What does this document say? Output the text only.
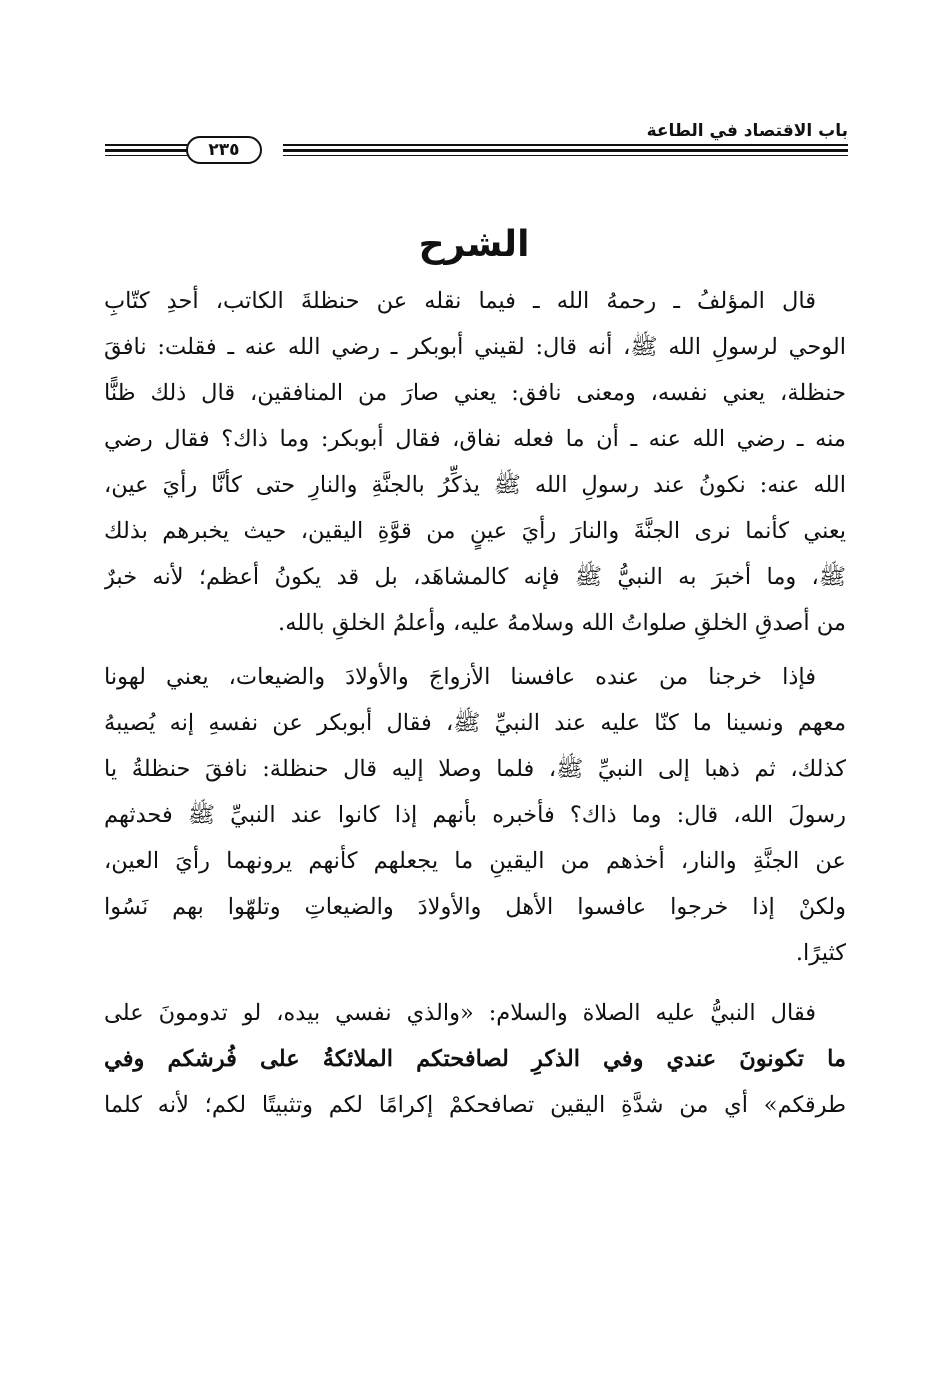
باب الاقتصاد في الطاعة
٢٣٥
الشرح
قال المؤلفُ ـ رحمهُ الله ـ فيما نقله عن حنظلةَ الكاتب، أحدِ كتّابِ
الوحي لرسولِ الله ﷺ، أنه قال: لقيني أبوبكر ـ رضي الله عنه ـ فقلت: نافقَ
حنظلة، يعني نفسه، ومعنى نافق: يعني صارَ من المنافقين، قال ذلك ظنًّا
منه ـ رضي الله عنه ـ أن ما فعله نفاق، فقال أبوبكر: وما ذاك؟ فقال رضي
الله عنه: نكونُ عند رسولِ الله ﷺ يذكِّرُ بالجنَّةِ والنارِ حتى كأنَّا رأيَ عين،
يعني كأنما نرى الجنَّةَ والنارَ رأيَ عينٍ من قوَّةِ اليقين، حيث يخبرهم بذلك
ﷺ، وما أخبرَ به النبيُّ ﷺ فإنه كالمشاهَد، بل قد يكونُ أعظم؛ لأنه خبرٌ
من أصدقِ الخلقِ صلواتُ الله وسلامهُ عليه، وأعلمُ الخلقِ بالله.
فإذا خرجنا من عنده عافسنا الأزواجَ والأولادَ والضيعات، يعني لهونا
معهم ونسينا ما كنّا عليه عند النبيِّ ﷺ، فقال أبوبكر عن نفسهِ إنه يُصيبهُ
كذلك، ثم ذهبا إلى النبيِّ ﷺ، فلما وصلا إليه قال حنظلة: نافقَ حنظلةُ يا
رسولَ الله، قال: وما ذاك؟ فأخبره بأنهم إذا كانوا عند النبيِّ ﷺ فحدثهم
عن الجنَّةِ والنار، أخذهم من اليقينِ ما يجعلهم كأنهم يرونهما رأيَ العين،
ولكنْ إذا خرجوا عافسوا الأهل والأولادَ والضيعاتِ وتلهّوا بهم نَسُوا
كثيرًا.
فقال النبيُّ عليه الصلاة والسلام: «والذي نفسي بيده، لو تدومونَ على
ما تكونونَ عندي وفي الذكرِ لصافحتكم الملائكةُ على فُرشكم وفي
طرقكم» أي من شدَّةِ اليقين تصافحكمْ إكرامًا لكم وتثبيتًا لكم؛ لأنه كلما
